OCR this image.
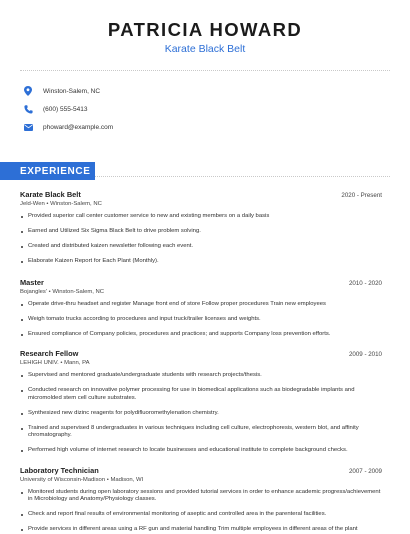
PATRICIA HOWARD
Karate Black Belt
Winston-Salem, NC
(600) 555-5413
phoward@example.com
EXPERIENCE
Karate Black Belt	2020 - Present
Jeld-Wen • Winston-Salem, NC
Provided superior call center customer service to new and existing members on a daily basis
Earned and Utilized Six Sigma Black Belt to drive problem solving.
Created and distributed kaizen newsletter following each event.
Elaborate Kaizen Report for Each Plant (Monthly).
Master	2010 - 2020
Bojangles' • Winston-Salem, NC
Operate drive-thru headset and register Manage front end of store Follow proper procedures Train new employees
Weigh tomato trucks according to procedures and input truck/trailer licenses and weights.
Ensured compliance of Company policies, procedures and practices; and supports Company loss prevention efforts.
Research Fellow	2009 - 2010
LEHIGH UNIV. • Mann, PA
Supervised and mentored graduate/undergraduate students with research projects/thesis.
Conducted research on innovative polymer processing for use in biomedical applications such as biodegradable implants and micromolded stem cell culture substrates.
Synthesized new dizinc reagents for polydifluoromethylenation chemistry.
Trained and supervised 8 undergraduates in various techniques including cell culture, electrophoresis, western blot, and affinity chromatography.
Performed high volume of internet research to locate businesses and educational institute to complete background checks.
Laboratory Technician	2007 - 2009
University of Wisconsin-Madison • Madison, WI
Monitored students during open laboratory sessions and provided tutorial services in order to enhance academic progress/achievement in Microbiology and Anatomy/Physiology classes.
Check and report final results of environmental monitoring of aseptic and controlled area in the parenteral facilities.
Provide services in different areas using a RF gun and material handling Trim multiple employees in different areas of the plant
